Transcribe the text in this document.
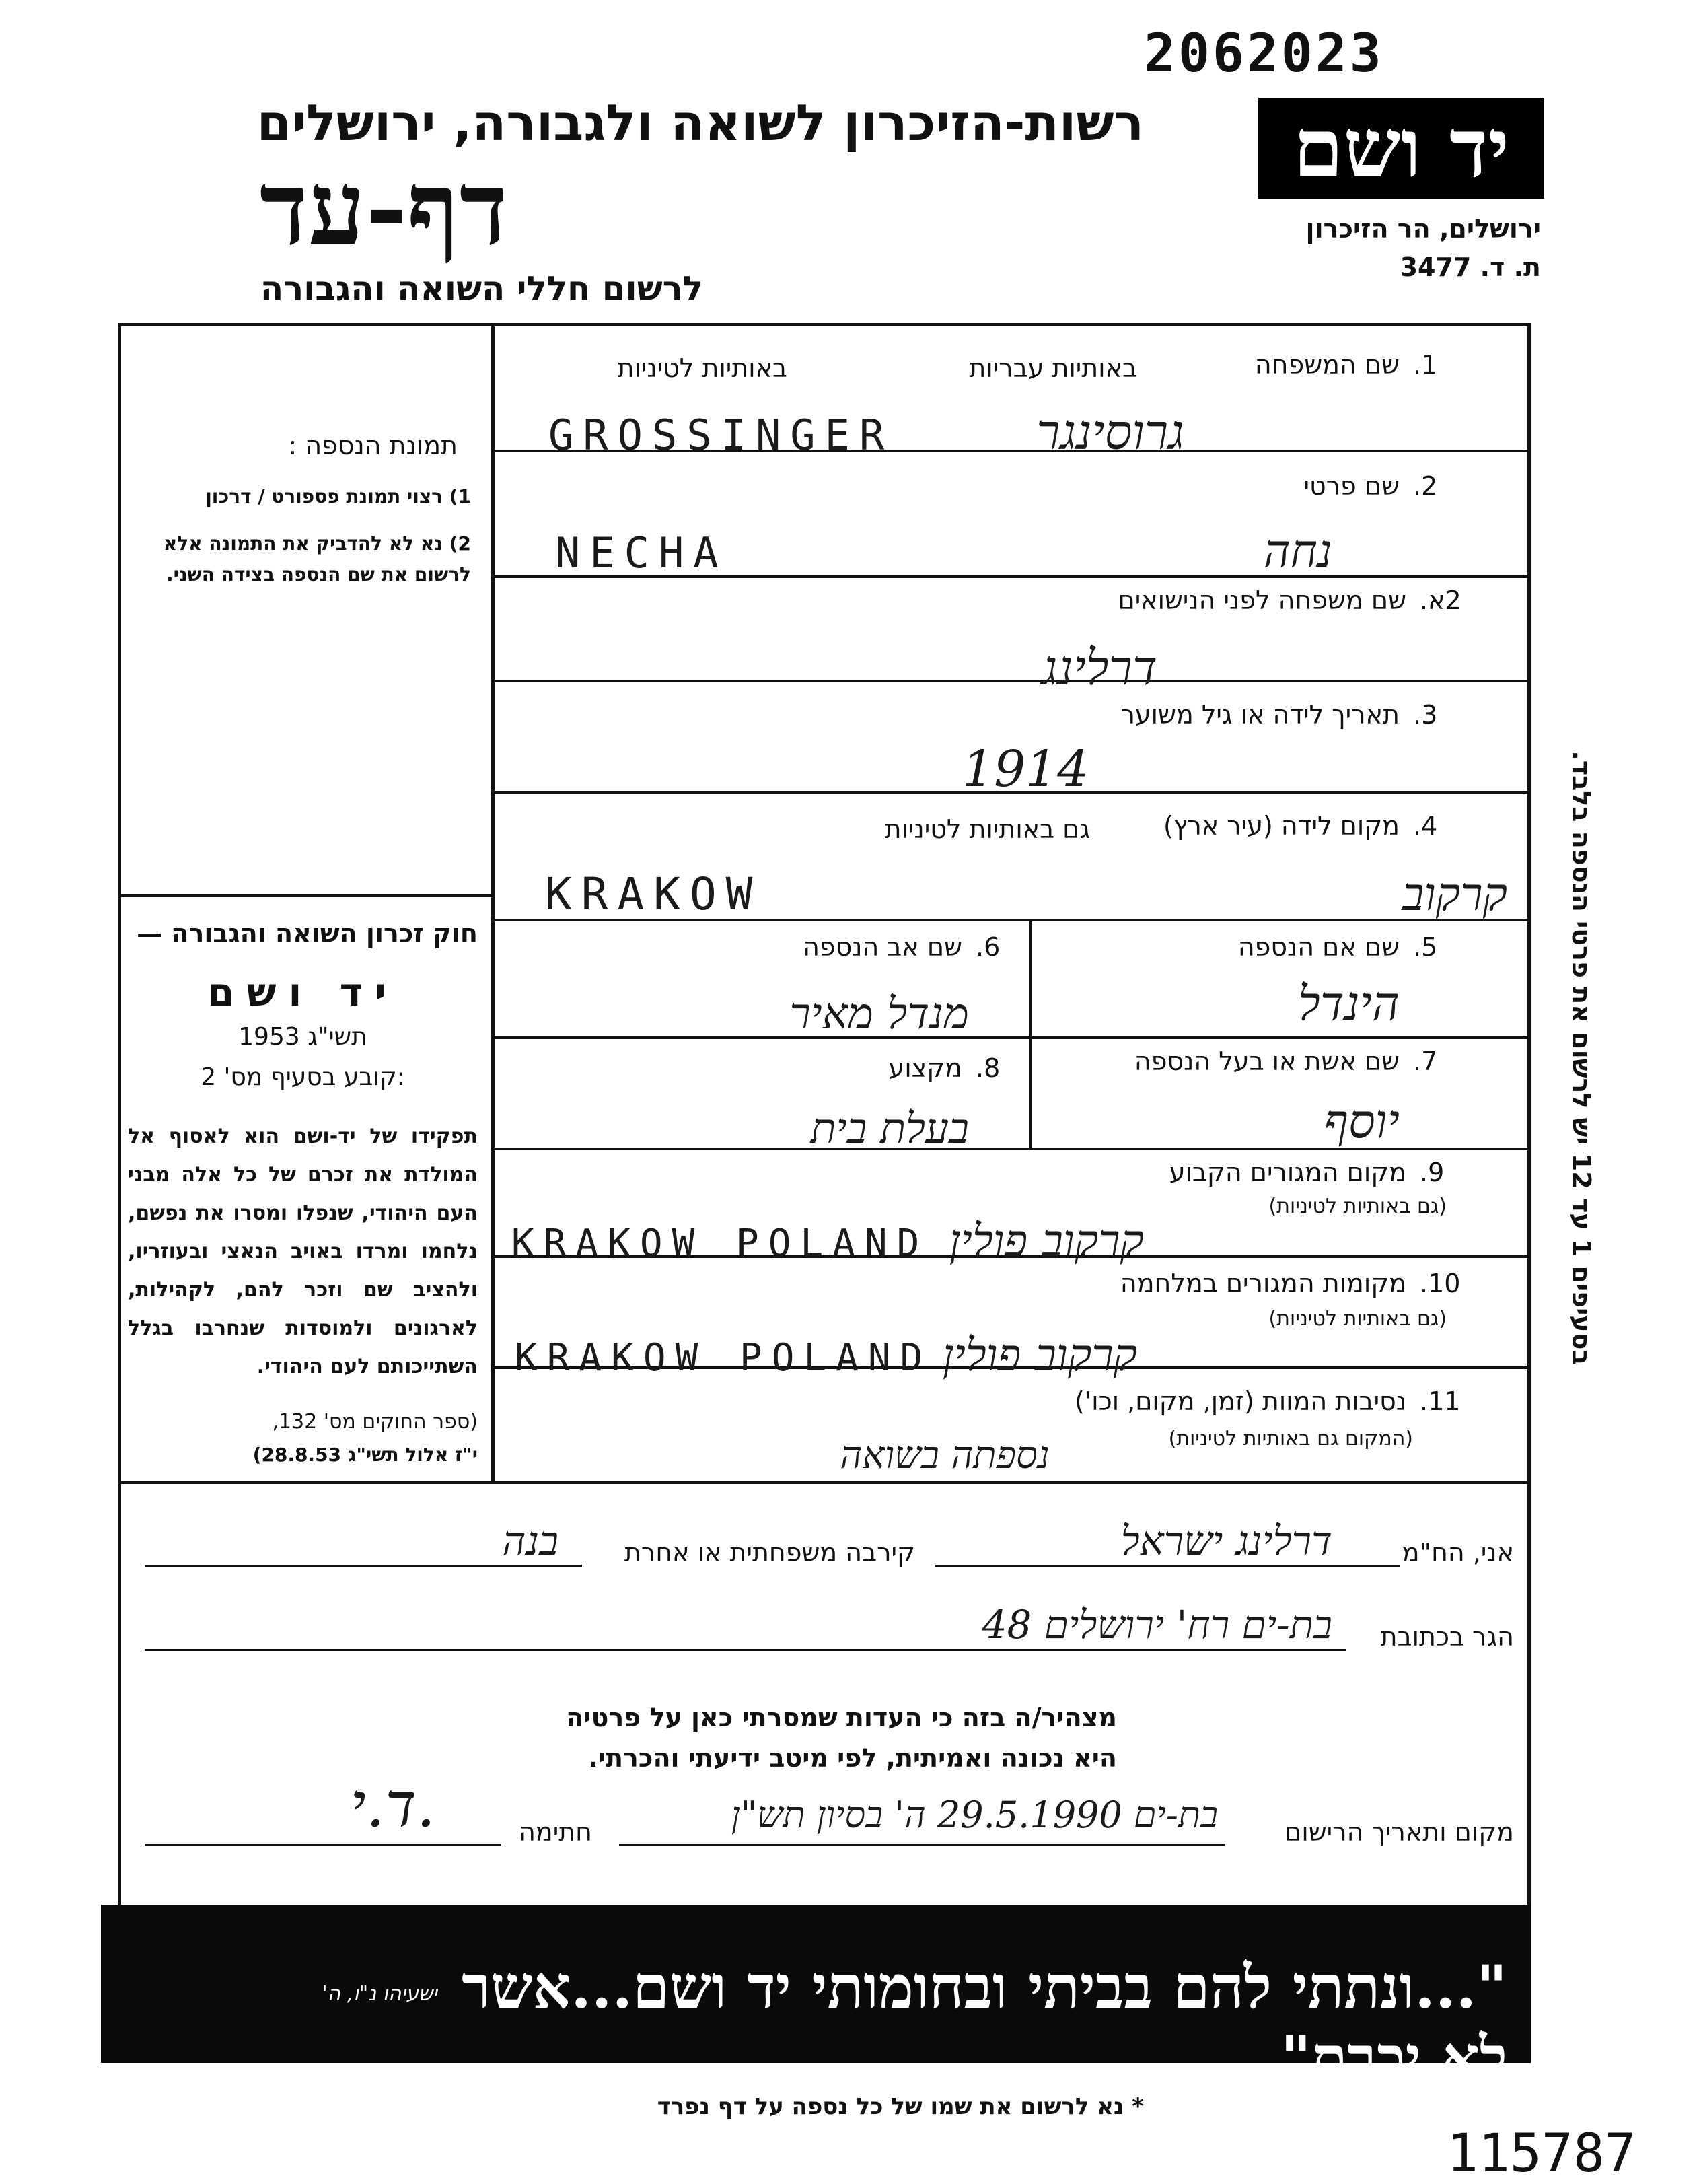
2062023
יד ושם
ירושלים, הר הזיכרון
ת. ד. 3477
רשות-הזיכרון לשואה ולגבורה, ירושלים
דף-עד
לרשום חללי השואה והגבורה
תמונת הנספה :
1) רצוי תמונת פספורט / דרכון
2) נא לא להדביק את התמונה אלא לרשום את שם הנספה בצידה השני.
חוק זכרון השואה והגבורה —
יד ושם
תשי"ג 1953
קובע בסעיף מס' 2:
תפקידו של יד-ושם הוא לאסוף אל המולדת את זכרם של כל אלה מבני העם היהודי, שנפלו ומסרו את נפשם, נלחמו ומרדו באויב הנאצי ובעוזריו, ולהציב שם וזכר להם, לקהילות, לארגונים ולמוסדות שנחרבו בגלל השתייכותם לעם היהודי.
(ספר החוקים מס' 132,
י"ז אלול תשי"ג 28.8.53)
בסעיפים 1 עד 12 יש לרשום את פרטי הנספה בלבד.
1.
שם המשפחה
באותיות עבריות
באותיות לטיניות
GROSSINGER	גרוסינגר
2.
שם פרטי
NECHA	נחה
2א.
שם משפחה לפני הנישואים
דרלינג
3.
תאריך לידה או גיל משוער
1914
4.
מקום לידה (עיר ארץ)
גם באותיות לטיניות
KRAKOW	קרקוב
5.
שם אם הנספה
הינדל
6.
שם אב הנספה
מנדל מאיר
7.
שם אשת או בעל הנספה
יוסף
8.
מקצוע
בעלת בית
9.
מקום המגורים הקבוע
(גם באותיות לטיניות)
KRAKOW POLAND קרקוב פולין
10.
מקומות המגורים במלחמה
(גם באותיות לטיניות)
KRAKOW POLAND קרקוב פולין
11.
נסיבות המוות (זמן, מקום, וכו')
(המקום גם באותיות לטיניות)
נספתה בשואה
אני, הח"מ
דרלינג ישראל
קירבה משפחתית או אחרת
בנה
הגר בכתובת
בת-ים רח' ירושלים 48
מצהיר/ה בזה כי העדות שמסרתי כאן על פרטיה
היא נכונה ואמיתית, לפי מיטב ידיעתי והכרתי.
מקום ותאריך הרישום
בת-ים 29.5.1990 ה' בסיון תש"ן
חתימה
ד.י.
"...ונתתי להם בביתי ובחומותי יד ושם...אשר לא יכרת"
ישעיהו נ"ו, ה'
* נא לרשום את שמו של כל נספה על דף נפרד
115787
